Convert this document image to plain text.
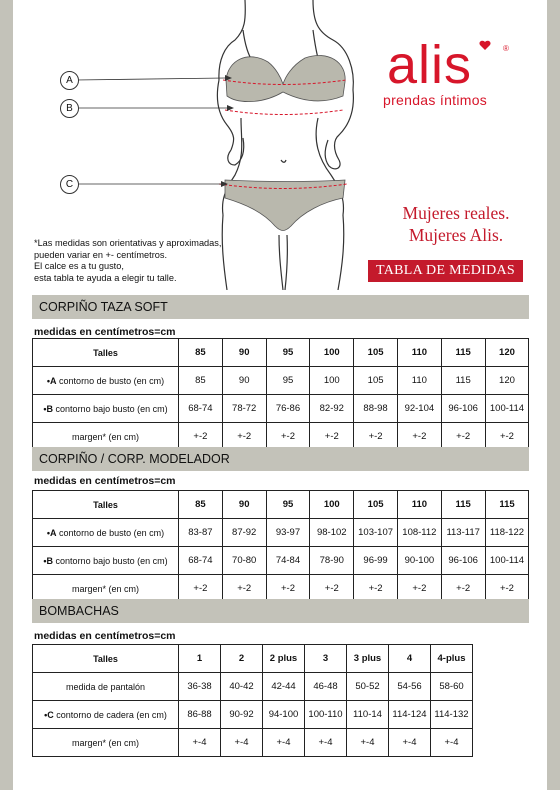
A
B
C
alis	®
prendas íntimos
Mujeres reales.
Mujeres Alis.
TABLA DE MEDIDAS
*Las medidas son orientativas y aproximadas,
pueden variar en +- centímetros.
El calce es a tu gusto,
esta tabla te ayuda a elegir tu talle.
CORPIÑO TAZA SOFT
medidas en centímetros=cm
Talles	85	90	95	100	105	110	115	120
•A contorno de busto (en cm)	85	90	95	100	105	110	115	120
•B contorno bajo busto (en cm)	68-74	78-72	76-86	82-92	88-98	92-104	96-106	100-114
margen* (en cm)	+-2	+-2	+-2	+-2	+-2	+-2	+-2	+-2
CORPIÑO / CORP. MODELADOR
medidas en centímetros=cm
Talles	85	90	95	100	105	110	115	115
•A contorno de busto (en cm)	83-87	87-92	93-97	98-102	103-107	108-112	113-117	118-122
•B contorno bajo busto (en cm)	68-74	70-80	74-84	78-90	96-99	90-100	96-106	100-114
margen* (en cm)	+-2	+-2	+-2	+-2	+-2	+-2	+-2	+-2
BOMBACHAS
medidas en centímetros=cm
Talles	1	2	2 plus	3	3 plus	4	4-plus
medida de pantalón	36-38	40-42	42-44	46-48	50-52	54-56	58-60
•C contorno de cadera (en cm)	86-88	90-92	94-100	100-110	110-14	114-124	114-132
margen* (en cm)	+-4	+-4	+-4	+-4	+-4	+-4	+-4
